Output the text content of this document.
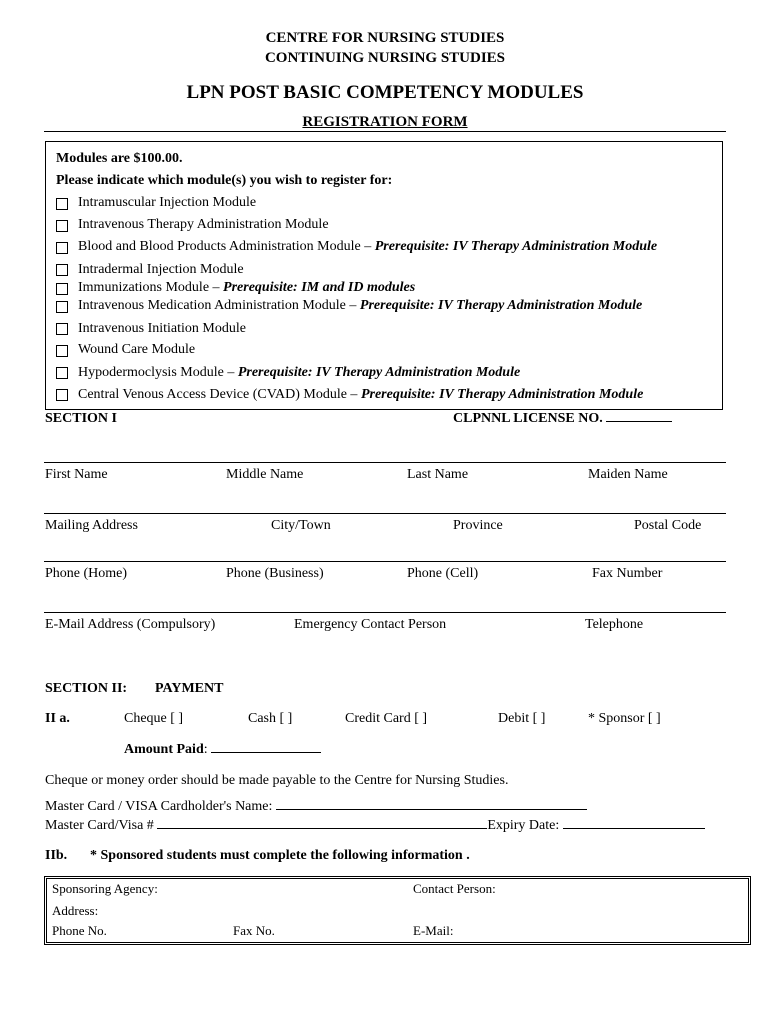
CENTRE FOR NURSING STUDIES
CONTINUING NURSING STUDIES
LPN POST BASIC COMPETENCY MODULES
REGISTRATION FORM
Modules are $100.00.
Please indicate which module(s) you wish to register for:
Intramuscular Injection Module
Intravenous Therapy Administration Module
Blood and Blood Products Administration Module – Prerequisite: IV Therapy Administration Module
Intradermal Injection Module
Immunizations Module – Prerequisite: IM and ID modules
Intravenous Medication Administration Module – Prerequisite: IV Therapy Administration Module
Intravenous Initiation Module
Wound Care Module
Hypodermoclysis Module – Prerequisite: IV Therapy Administration Module
Central Venous Access Device (CVAD) Module – Prerequisite: IV Therapy Administration Module
SECTION I	CLPNNL LICENSE NO.
First Name	Middle Name	Last Name	Maiden Name
Mailing Address	City/Town	Province	Postal Code
Phone (Home)	Phone (Business)	Phone (Cell)	Fax Number
E-Mail Address (Compulsory)	Emergency Contact Person	Telephone
SECTION II: PAYMENT
II a.	Cheque [ ]	Cash [ ]	Credit Card [ ]	Debit [ ]	* Sponsor [ ]
Amount Paid:
Cheque or money order should be made payable to the Centre for Nursing Studies.
Master Card / VISA Cardholder's Name:
Master Card/Visa #	Expiry Date:
IIb. * Sponsored students must complete the following information .
Sponsoring Agency:	Contact Person:
Address:
Phone No.	Fax No.	E-Mail:
